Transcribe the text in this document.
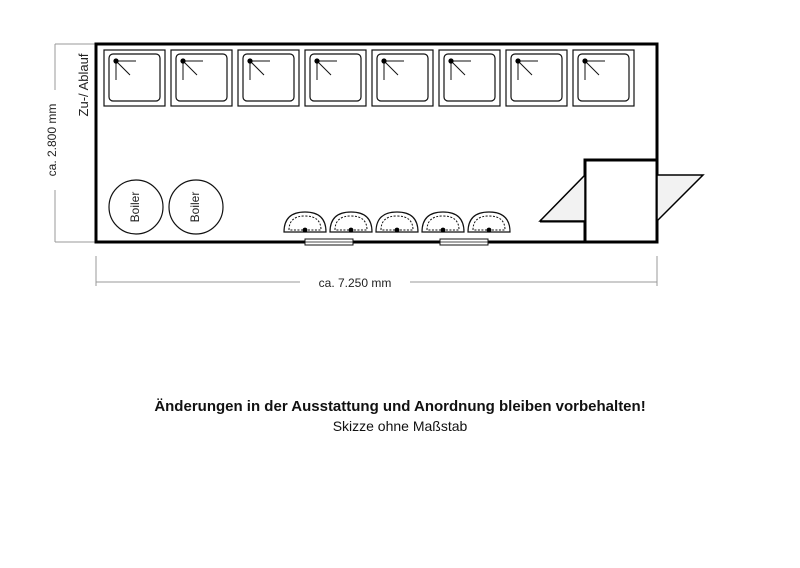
ca. 2.800 mm
Zu-/ Ablauf
Boiler	Boiler
ca. 7.250 mm
Änderungen in der Ausstattung und Anordnung bleiben vorbehalten!
Skizze ohne Maßstab
